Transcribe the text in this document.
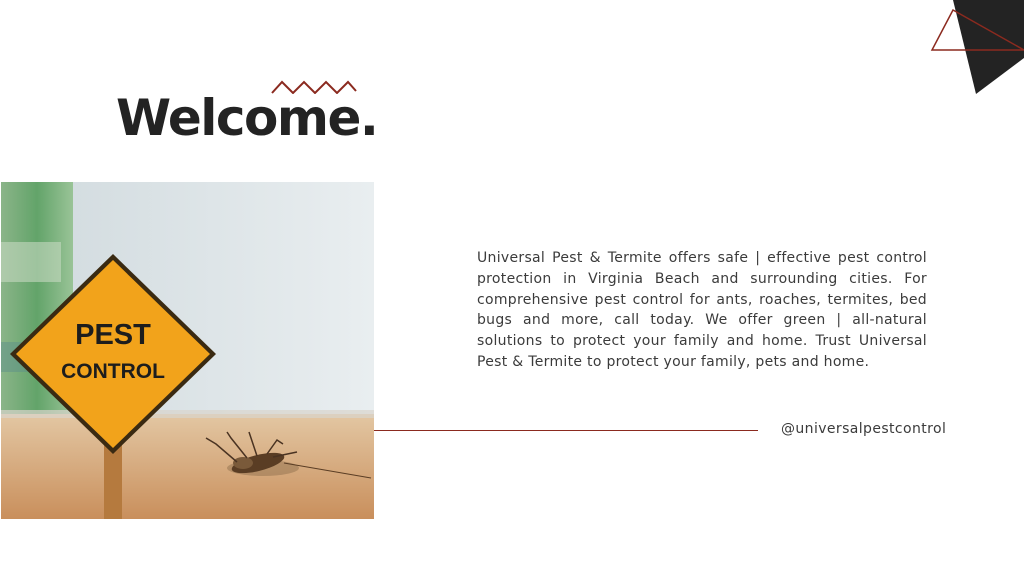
Welcome.
PEST
CONTROL

Universal Pest & Termite offers safe | effective pest control protection in Virginia Beach and surrounding cities. For comprehensive pest control for ants, roaches, termites, bed bugs and more, call today. We offer green | all-natural solutions to protect your family and home. Trust Universal Pest & Termite to protect your family, pets and home.

@universalpestcontrol
